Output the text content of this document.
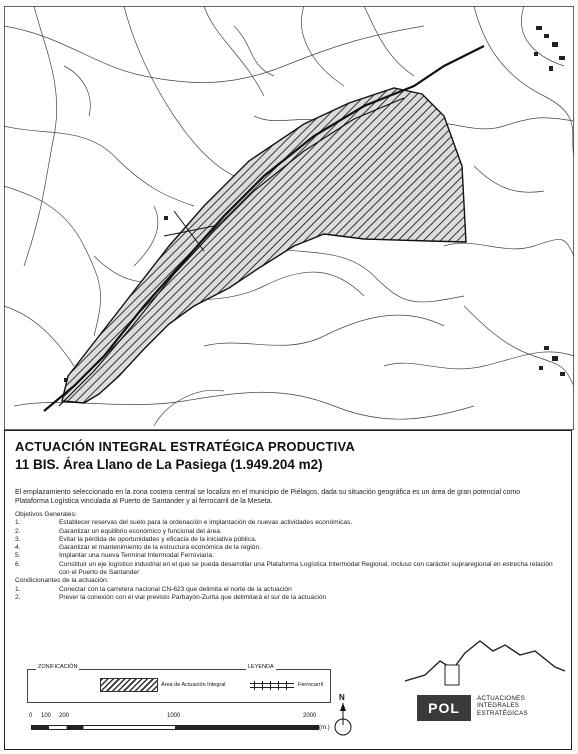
ACTUACIÓN INTEGRAL ESTRATÉGICA PRODUCTIVA
11 BIS. Área Llano de La Pasiega (1.949.204 m2)
El emplazamiento seleccionado en la zona costera central se localiza en el municipio de Piélagos, dada su situación geográfica es un área de gran potencial como Plataforma Logística vinculada al Puerto de Santander y al ferrocarril de la Meseta.
Objetivos Generales:
1.	Establecer reservas del suelo para la ordenación e implantación de nuevas actividades económicas.
2.	Garantizar un equilibrio económico y funcional del área.
3.	Evitar la pérdida de oportunidades y eficacia de la iniciativa pública.
4.	Garantizar el mantenimiento de la estructura económica de la región.
5.	Implantar una nueva Terminal Intermodal Ferroviaria.
6.	Constituir un eje logístico industrial en el que se pueda desarrollar una Plataforma Logística Intermodal Regional, incluso con carácter supraregional en estrecha relación con el Puerto de Santander
Condicionantes de la actuación:
1.	Conectar con la carretera nacional CN-623 que delimita el norte de la actuación
2.	Prever la conexión con el vial previsto Parbayón-Zurita que delimitará el sur de la actuación
ZONIFICACIÓN	LEYENDA
Área de Actuación Integral	Ferrocarril
0 100 200	1000	2000
(m.)
N
POL
ACTUACIONES
INTEGRALES
ESTRATÉGICAS
